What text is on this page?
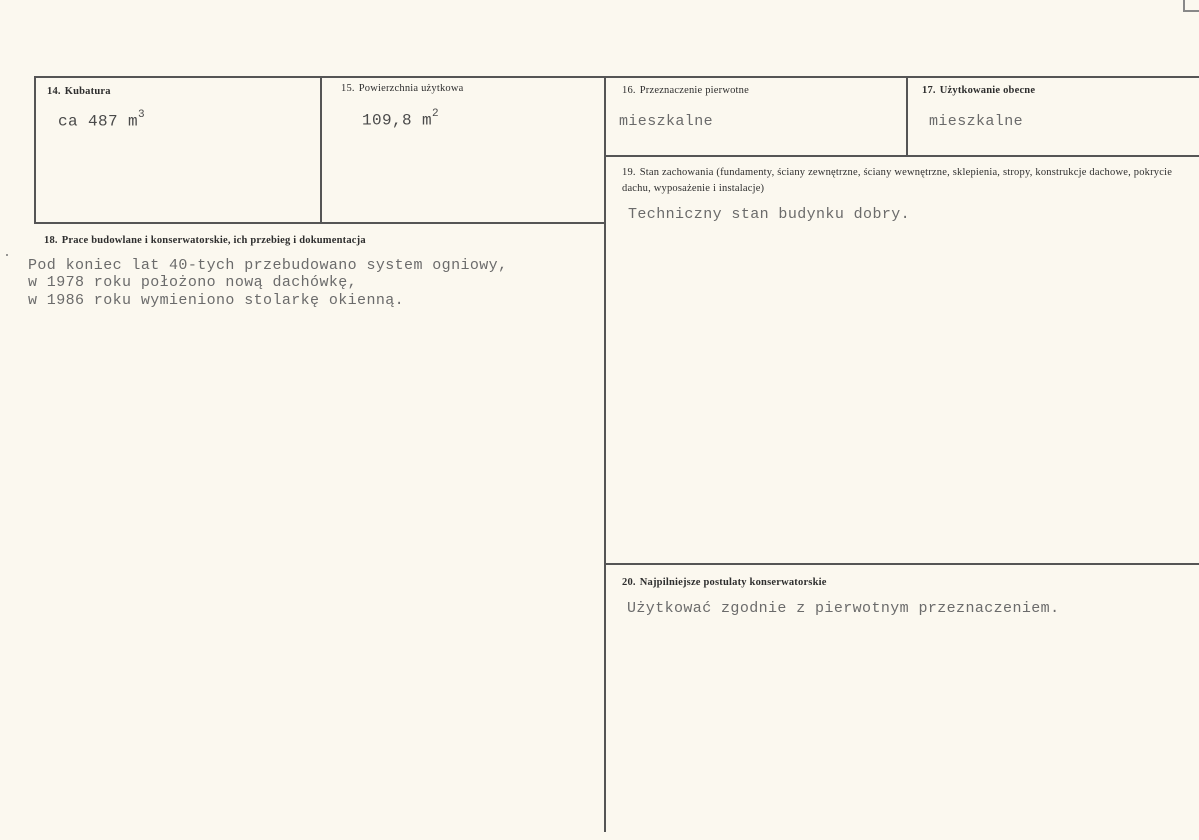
14. Kubatura
ca 487 $m^3$
15. Powierzchnia użytkowa
109,8 $m^2$
16. Przeznaczenie pierwotne
mieszkalne
17. Użytkowanie obecne
mieszkalne
19. Stan zachowania (fundamenty, ściany zewnętrzne, ściany wewnętrzne, sklepienia, stropy, konstrukcje dachowe, pokrycie dachu, wyposażenie i instalacje)
Techniczny stan budynku dobry.
18. Prace budowlane i konserwatorskie, ich przebieg i dokumentacja
Pod koniec lat 40-tych przebudowano system ogniowy,
w 1978 roku położono nową dachówkę,
w 1986 roku wymieniono stolarkę okienną.
20. Najpilniejsze postulaty konserwatorskie
Użytkować zgodnie z pierwotnym przeznaczeniem.
